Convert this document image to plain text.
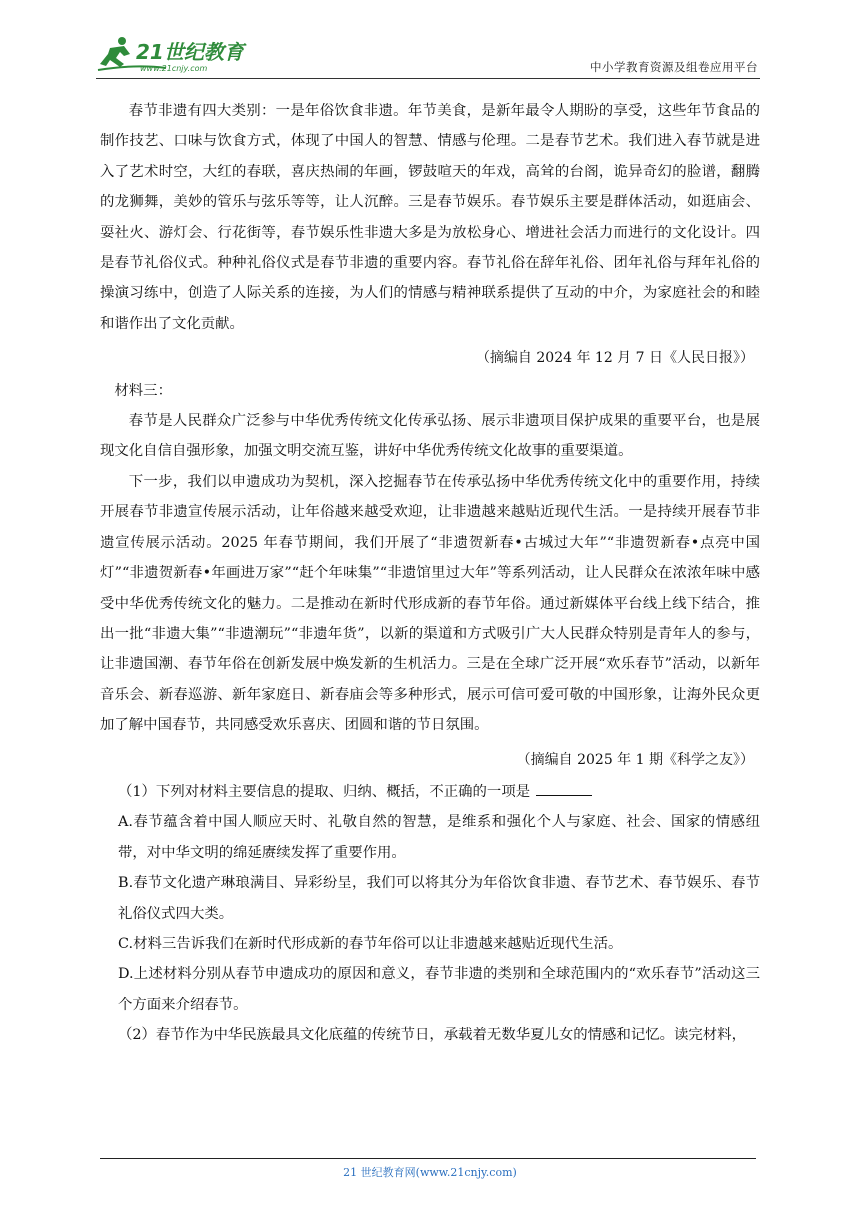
21世纪教育
www.21cnjy.com	中小学教育资源及组卷应用平台

春节非遗有四大类别：一是年俗饮食非遗。年节美食，是新年最令人期盼的享受，这些年节食品的制作技艺、口味与饮食方式，体现了中国人的智慧、情感与伦理。二是春节艺术。我们进入春节就是进入了艺术时空，大红的春联，喜庆热闹的年画，锣鼓喧天的年戏，高耸的台阁，诡异奇幻的脸谱，翻腾的龙狮舞，美妙的管乐与弦乐等等，让人沉醉。三是春节娱乐。春节娱乐主要是群体活动，如逛庙会、耍社火、游灯会、行花街等，春节娱乐性非遗大多是为放松身心、增进社会活力而进行的文化设计。四是春节礼俗仪式。种种礼俗仪式是春节非遗的重要内容。春节礼俗在辞年礼俗、团年礼俗与拜年礼俗的操演习练中，创造了人际关系的连接，为人们的情感与精神联系提供了互动的中介，为家庭社会的和睦和谐作出了文化贡献。

（摘编自 2024 年 12 月 7 日《人民日报》）

材料三：

春节是人民群众广泛参与中华优秀传统文化传承弘扬、展示非遗项目保护成果的重要平台，也是展现文化自信自强形象，加强文明交流互鉴，讲好中华优秀传统文化故事的重要渠道。

下一步，我们以申遗成功为契机，深入挖掘春节在传承弘扬中华优秀传统文化中的重要作用，持续开展春节非遗宣传展示活动，让年俗越来越受欢迎，让非遗越来越贴近现代生活。一是持续开展春节非遗宣传展示活动。2025 年春节期间，我们开展了“非遗贺新春•古城过大年”“非遗贺新春•点亮中国灯”“非遗贺新春•年画进万家”“赶个年味集”“非遗馆里过大年”等系列活动，让人民群众在浓浓年味中感受中华优秀传统文化的魅力。二是推动在新时代形成新的春节年俗。通过新媒体平台线上线下结合，推出一批“非遗大集”“非遗潮玩”“非遗年货”，以新的渠道和方式吸引广大人民群众特别是青年人的参与，让非遗国潮、春节年俗在创新发展中焕发新的生机活力。三是在全球广泛开展“欢乐春节”活动，以新年音乐会、新春巡游、新年家庭日、新春庙会等多种形式，展示可信可爱可敬的中国形象，让海外民众更加了解中国春节，共同感受欢乐喜庆、团圆和谐的节日氛围。

（摘编自 2025 年 1 期《科学之友》）

（1）下列对材料主要信息的提取、归纳、概括，不正确的一项是

A.春节蕴含着中国人顺应天时、礼敬自然的智慧，是维系和强化个人与家庭、社会、国家的情感纽带，对中华文明的绵延赓续发挥了重要作用。

B.春节文化遗产琳琅满目、异彩纷呈，我们可以将其分为年俗饮食非遗、春节艺术、春节娱乐、春节礼俗仪式四大类。

C.材料三告诉我们在新时代形成新的春节年俗可以让非遗越来越贴近现代生活。

D.上述材料分别从春节申遗成功的原因和意义，春节非遗的类别和全球范围内的“欢乐春节”活动这三个方面来介绍春节。

（2）春节作为中华民族最具文化底蕴的传统节日，承载着无数华夏儿女的情感和记忆。读完材料，

21 世纪教育网(www.21cnjy.com)
